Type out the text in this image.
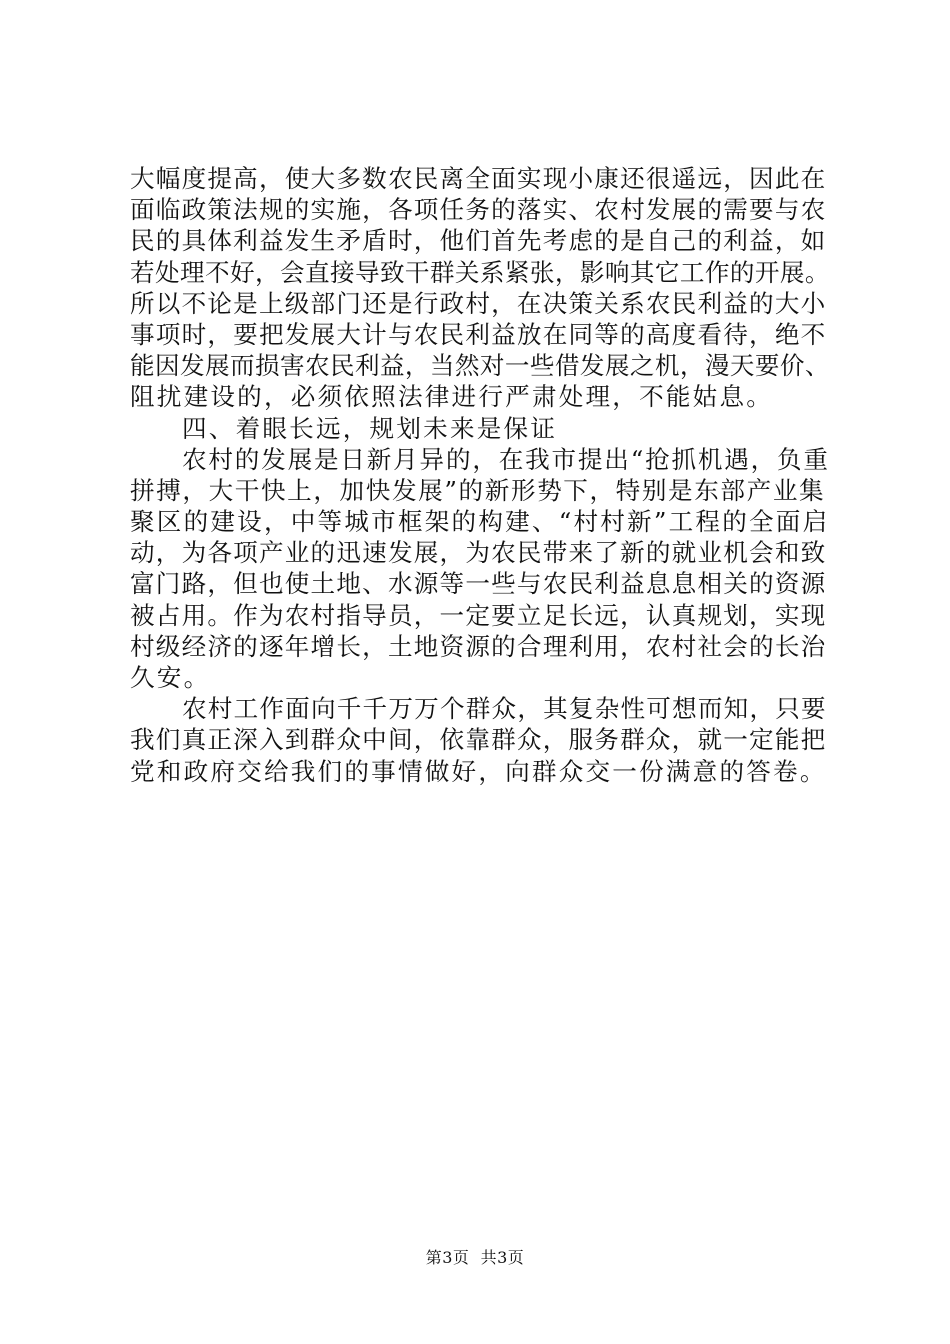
大幅度提高，使大多数农民离全面实现小康还很遥远，因此在
面临政策法规的实施，各项任务的落实、农村发展的需要与农
民的具体利益发生矛盾时，他们首先考虑的是自己的利益，如
若处理不好，会直接导致干群关系紧张，影响其它工作的开展。
所以不论是上级部门还是行政村，在决策关系农民利益的大小
事项时，要把发展大计与农民利益放在同等的高度看待，绝不
能因发展而损害农民利益，当然对一些借发展之机，漫天要价、
阻扰建设的，必须依照法律进行严肃处理，不能姑息。
四、着眼长远，规划未来是保证
农村的发展是日新月异的，在我市提出“抢抓机遇，负重
拼搏，大干快上，加快发展”的新形势下，特别是东部产业集
聚区的建设，中等城市框架的构建、“村村新”工程的全面启
动，为各项产业的迅速发展，为农民带来了新的就业机会和致
富门路，但也使土地、水源等一些与农民利益息息相关的资源
被占用。作为农村指导员，一定要立足长远，认真规划，实现
村级经济的逐年增长，土地资源的合理利用，农村社会的长治
久安。
农村工作面向千千万万个群众，其复杂性可想而知，只要
我们真正深入到群众中间，依靠群众，服务群众，就一定能把
党和政府交给我们的事情做好，向群众交一份满意的答卷。
第3页  共3页
